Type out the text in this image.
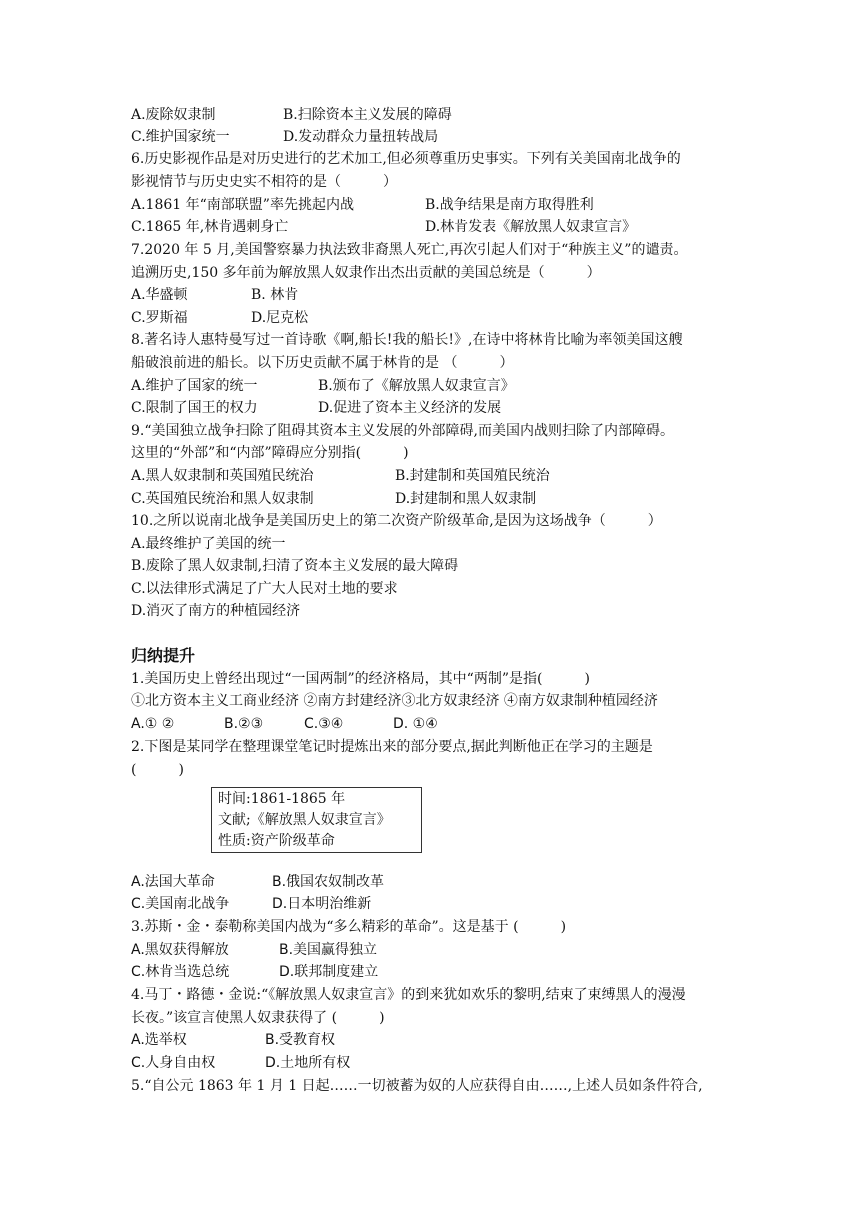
A.废除奴隶制	B.扫除资本主义发展的障碍
C.维护国家统一	D.发动群众力量扭转战局
6.历史影视作品是对历史进行的艺术加工,但必须尊重历史事实。下列有关美国南北战争的
影视情节与历史史实不相符的是（　　　）
A.1861 年“南部联盟”率先挑起内战	B.战争结果是南方取得胜利
C.1865 年,林肯遇刺身亡	D.林肯发表《解放黑人奴隶宣言》
7.2020 年 5 月,美国警察暴力执法致非裔黑人死亡,再次引起人们对于“种族主义”的谴责。
追溯历史,150 多年前为解放黑人奴隶作出杰出贡献的美国总统是（　　　）
A.华盛顿	B. 林肯
C.罗斯福	D.尼克松
8.著名诗人惠特曼写过一首诗歌《啊,船长!我的船长!》,在诗中将林肯比喻为率领美国这艘
船破浪前进的船长。以下历史贡献不属于林肯的是 （　　　）
A.维护了国家的统一	B.颁布了《解放黑人奴隶宣言》
C.限制了国王的权力	D.促进了资本主义经济的发展
9.“美国独立战争扫除了阻碍其资本主义发展的外部障碍,而美国内战则扫除了内部障碍。
这里的“外部”和“内部”障碍应分别指(　　　)
A.黑人奴隶制和英国殖民统治	B.封建制和英国殖民统治
C.英国殖民统治和黑人奴隶制	D.封建制和黑人奴隶制
10.之所以说南北战争是美国历史上的第二次资产阶级革命,是因为这场战争（　　　）
A.最终维护了美国的统一
B.废除了黑人奴隶制,扫清了资本主义发展的最大障碍
C.以法律形式满足了广大人民对土地的要求
D.消灭了南方的种植园经济
归纳提升
1.美国历史上曾经出现过“一国两制”的经济格局，其中“两制”是指(　　　)
①北方资本主义工商业经济 ②南方封建经济③北方奴隶经济 ④南方奴隶制种植园经济
A.① ②	B.②③	C.③④	D. ①④
2.下图是某同学在整理课堂笔记时提炼出来的部分要点,据此判断他正在学习的主题是
(　　　)
时间:1861-1865 年
文献;《解放黑人奴隶宣言》
性质:资产阶级革命
A.法国大革命	B.俄国农奴制改革
C.美国南北战争	D.日本明治维新
3.苏斯・金・泰勒称美国内战为“多么精彩的革命”。这是基于 (　　　)
A.黑奴获得解放	B.美国赢得独立
C.林肯当选总统	D.联邦制度建立
4.马丁・路德・金说:“《解放黑人奴隶宣言》的到来犹如欢乐的黎明,结束了束缚黑人的漫漫
长夜。”该宣言使黑人奴隶获得了 (　　　)
A.选举权	B.受教育权
C.人身自由权	D.土地所有权
5.“自公元 1863 年 1 月 1 日起……一切被蓄为奴的人应获得自由……,上述人员如条件符合,
